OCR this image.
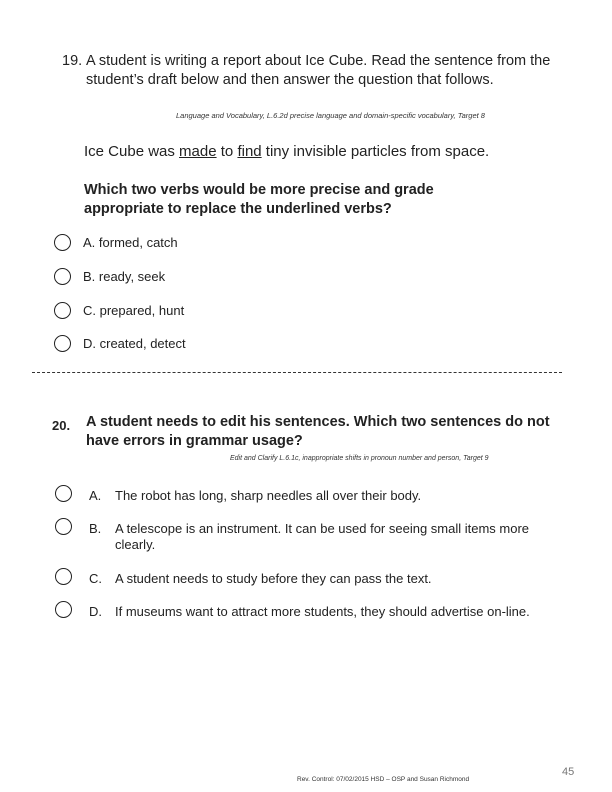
19. A student is writing a report about Ice Cube. Read the sentence from the student’s draft below and then answer the question that follows.
Language and Vocabulary, L.6.2d precise language and domain-specific vocabulary, Target 8
Ice Cube was made to find tiny invisible particles from space.
Which two verbs would be more precise and grade appropriate to replace the underlined verbs?
A. formed, catch
B. ready, seek
C. prepared, hunt
D. created, detect
20. A student needs to edit his sentences. Which two sentences do not have errors in grammar usage?
Edit and Clarify L.6.1c, inappropriate shifts in pronoun number and person, Target 9
A.	The robot has long, sharp needles all over their body.
B.	A telescope is an instrument. It can be used for seeing small items more clearly.
C.	A student needs to study before they can pass the text.
D.	If museums want to attract more students, they should advertise on-line.
Rev. Control: 07/02/2015 HSD – OSP and Susan Richmond
45
